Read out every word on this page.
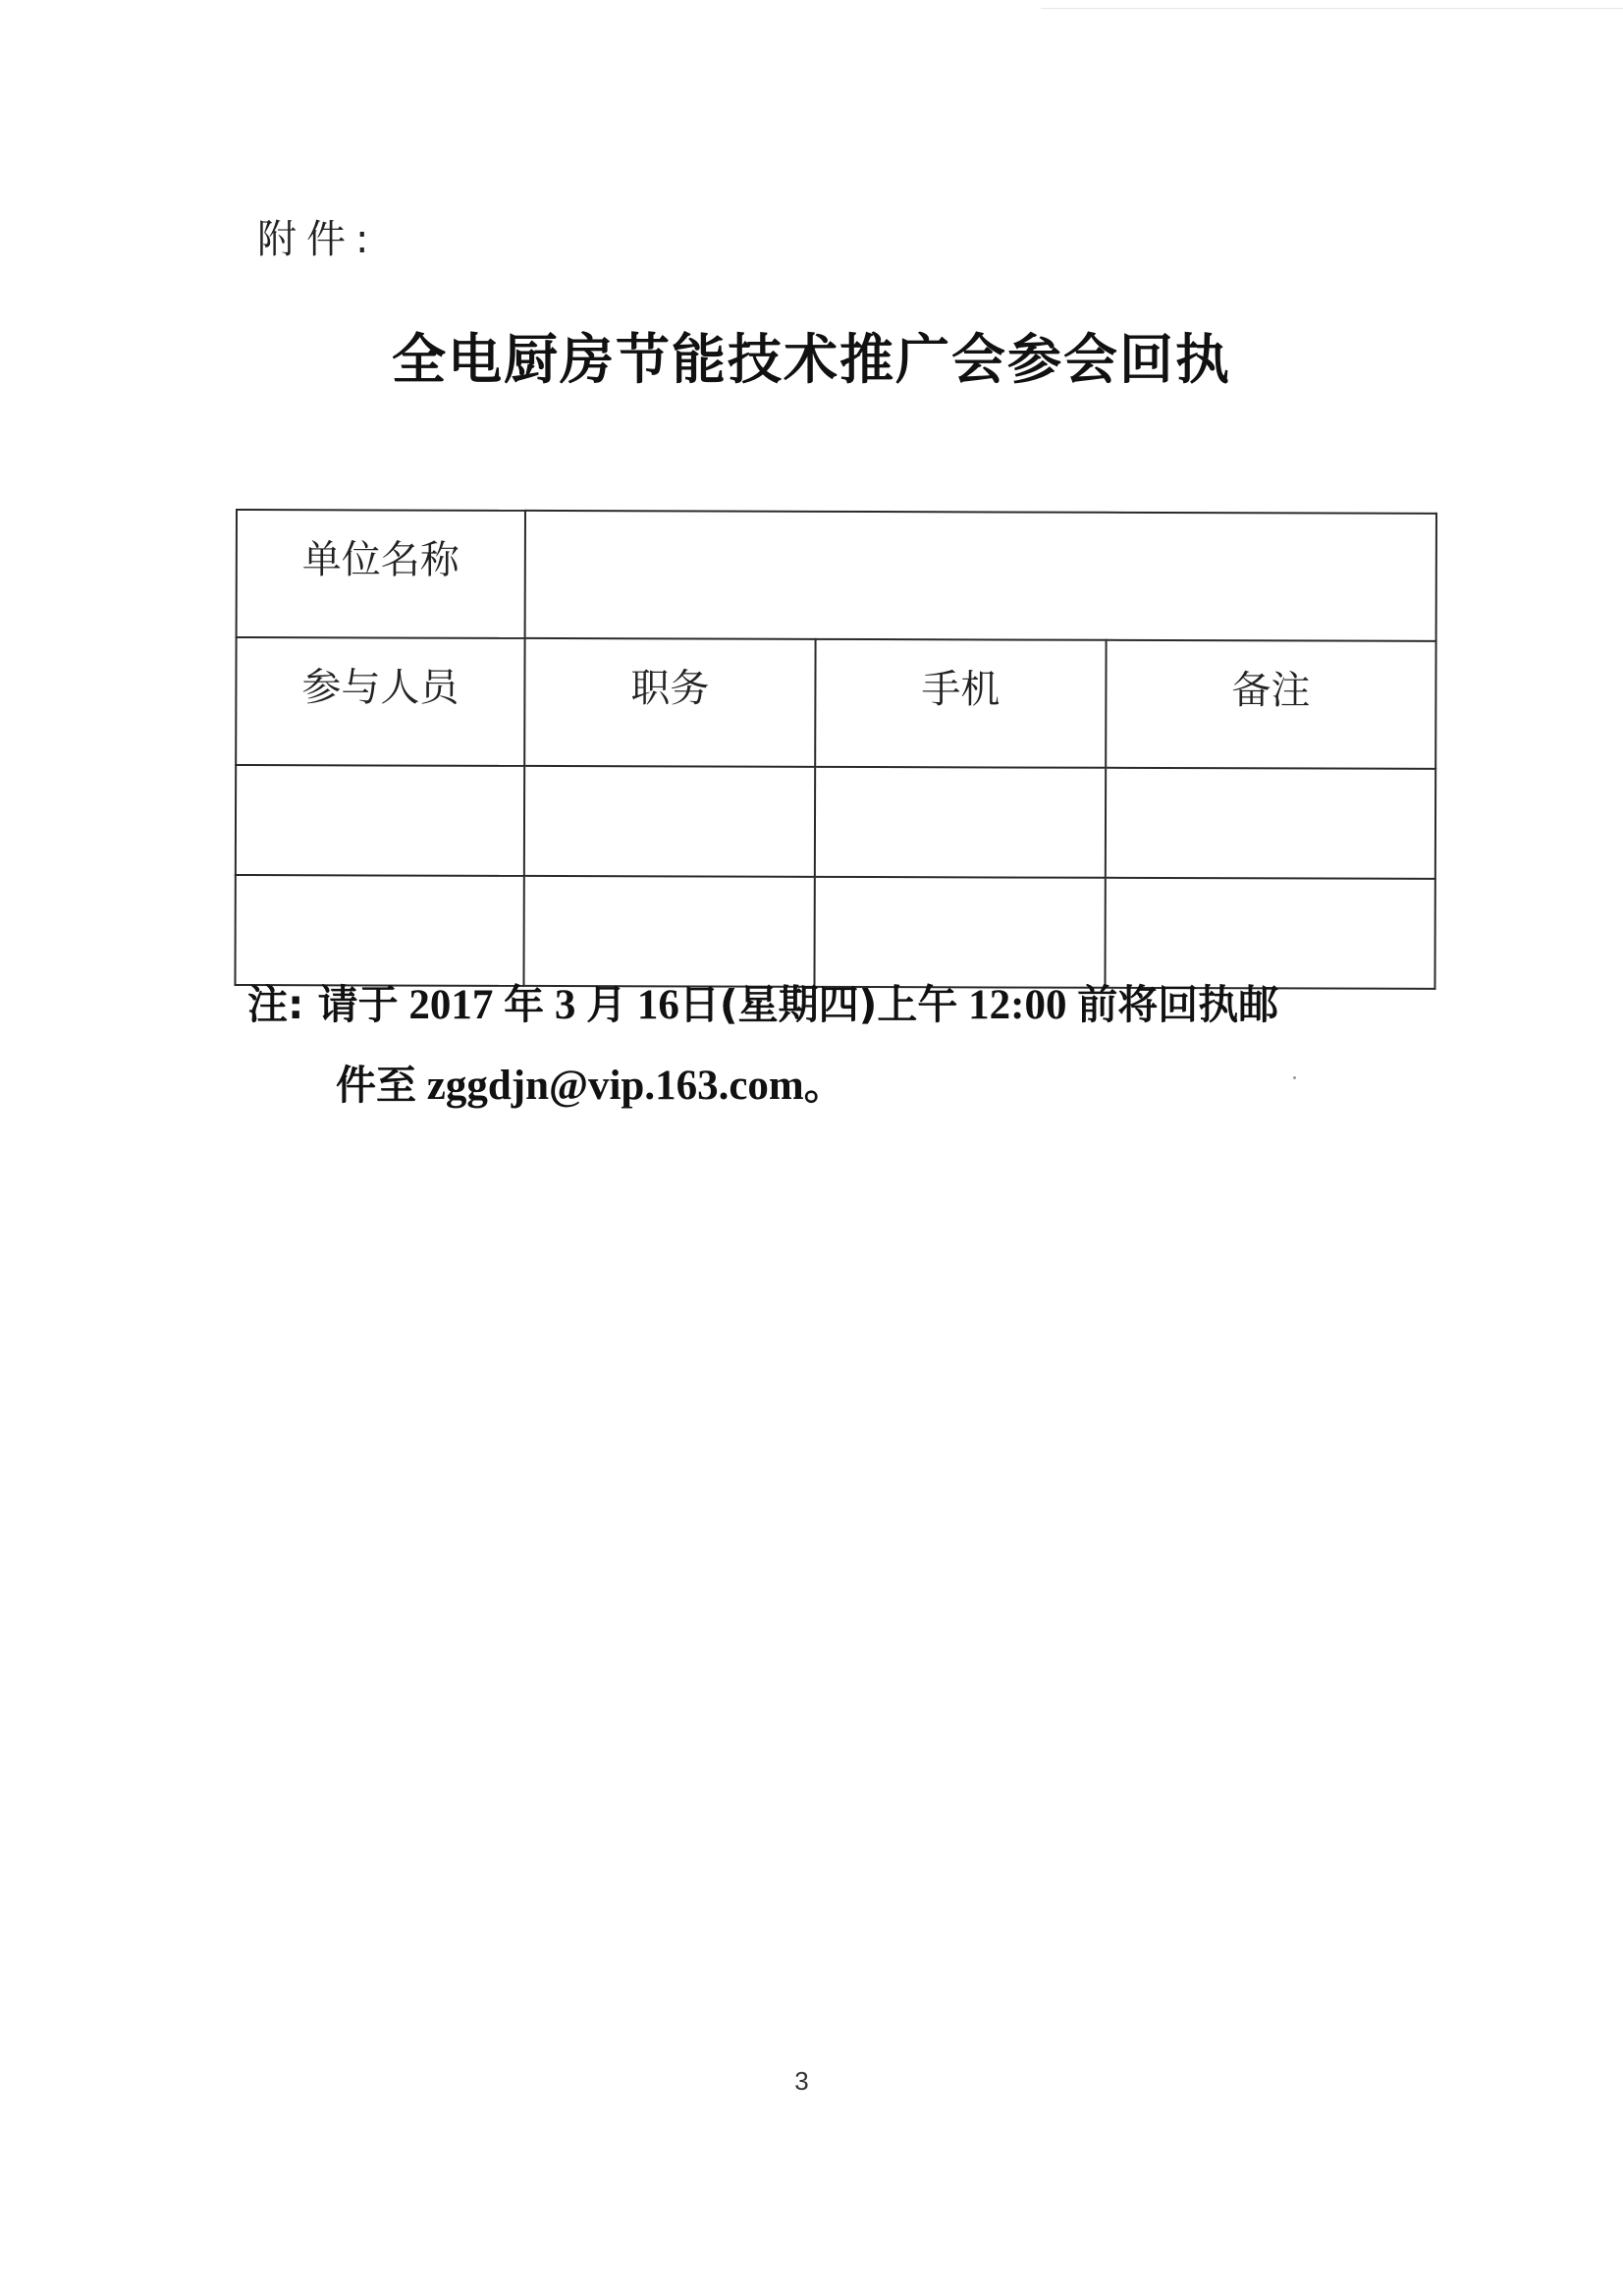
附件:
全电厨房节能技术推广会参会回执
单位名称			
参与人员	职务	手机	备注

注: 请于 2017 年 3 月 16日(星期四)上午 12:00 前将回执邮
件至 zggdjn@vip.163.com。
3
